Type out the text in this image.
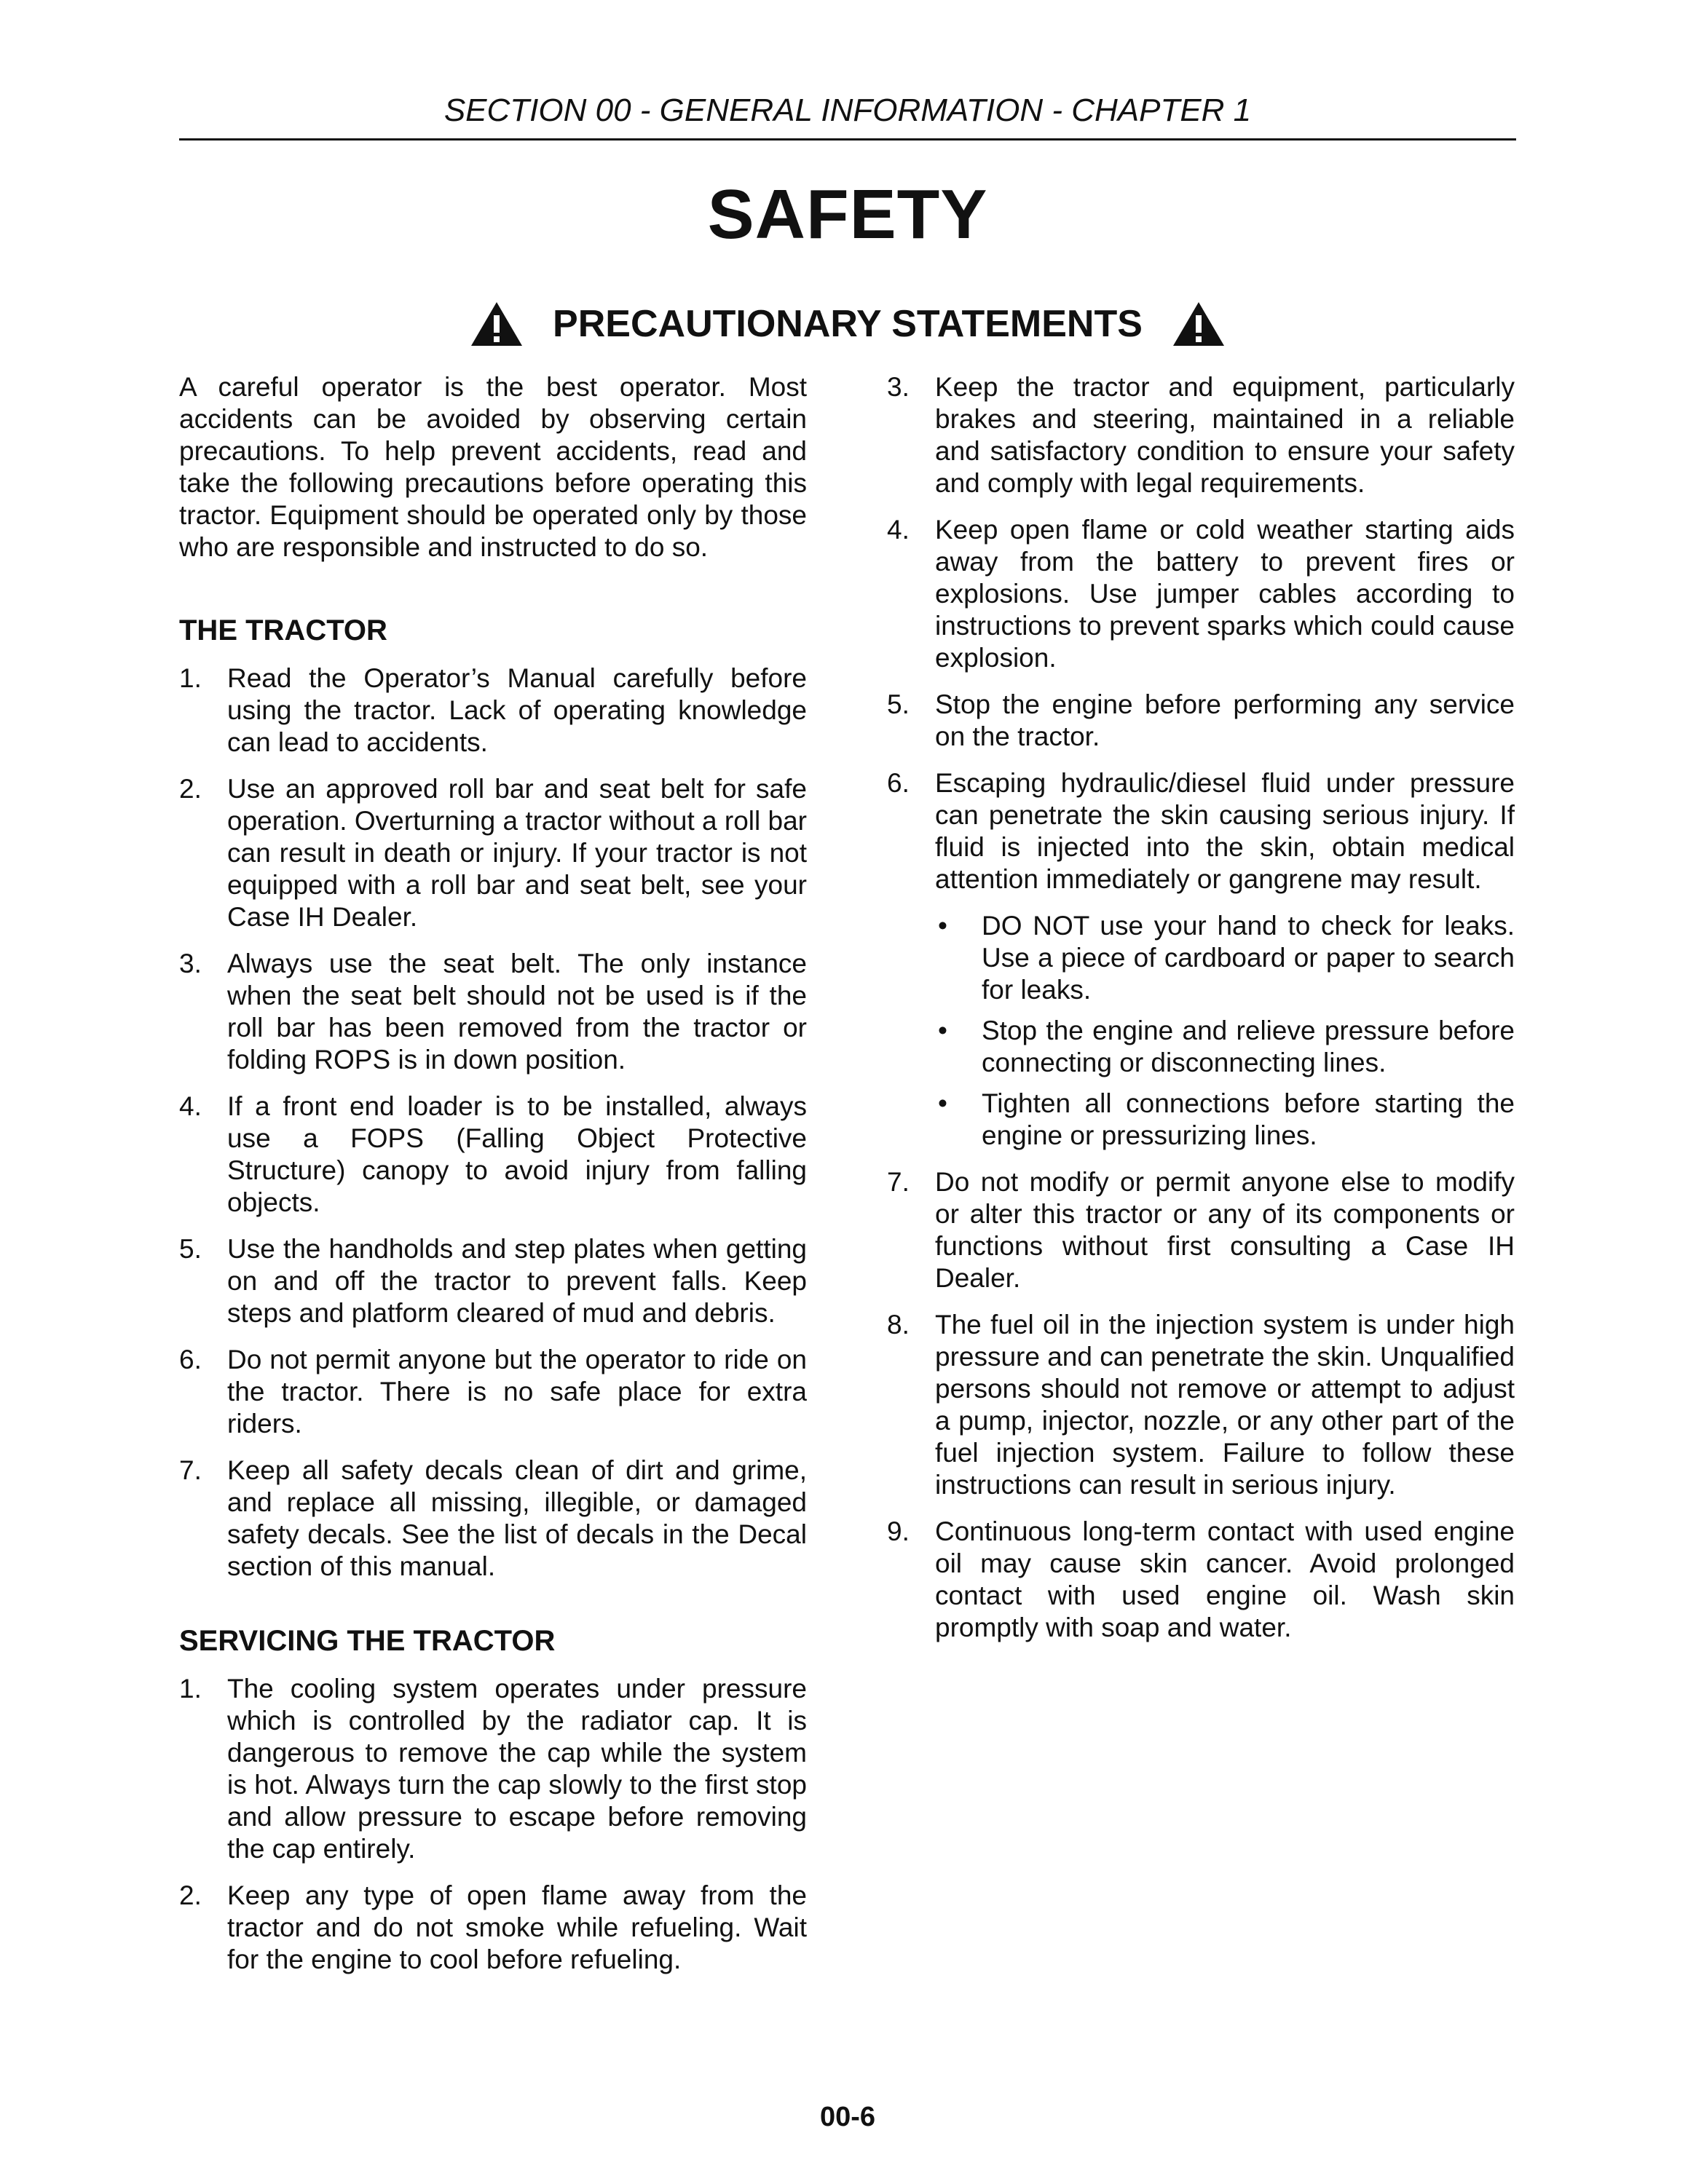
SECTION 00 - GENERAL INFORMATION - CHAPTER 1
SAFETY
PRECAUTIONARY STATEMENTS

A careful operator is the best operator. Most accidents can be avoided by observing certain precautions. To help prevent accidents, read and take the following precautions before operating this tractor. Equipment should be operated only by those who are responsible and instructed to do so.

THE TRACTOR
1. Read the Operator’s Manual carefully before using the tractor. Lack of operating knowledge can lead to accidents.
2. Use an approved roll bar and seat belt for safe operation. Overturning a tractor without a roll bar can result in death or injury. If your tractor is not equipped with a roll bar and seat belt, see your Case IH Dealer.
3. Always use the seat belt. The only instance when the seat belt should not be used is if the roll bar has been removed from the tractor or folding ROPS is in down position.
4. If a front end loader is to be installed, always use a FOPS (Falling Object Protective Structure) canopy to avoid injury from falling objects.
5. Use the handholds and step plates when getting on and off the tractor to prevent falls. Keep steps and platform cleared of mud and debris.
6. Do not permit anyone but the operator to ride on the tractor. There is no safe place for extra riders.
7. Keep all safety decals clean of dirt and grime, and replace all missing, illegible, or damaged safety decals. See the list of decals in the Decal section of this manual.
SERVICING THE TRACTOR
1. The cooling system operates under pressure which is controlled by the radiator cap. It is dangerous to remove the cap while the system is hot. Always turn the cap slowly to the first stop and allow pressure to escape before removing the cap entirely.
2. Keep any type of open flame away from the tractor and do not smoke while refueling. Wait for the engine to cool before refueling.
3. Keep the tractor and equipment, particularly brakes and steering, maintained in a reliable and satisfactory condition to ensure your safety and comply with legal requirements.
4. Keep open flame or cold weather starting aids away from the battery to prevent fires or explosions. Use jumper cables according to instructions to prevent sparks which could cause explosion.
5. Stop the engine before performing any service on the tractor.
6. Escaping hydraulic/diesel fluid under pressure can penetrate the skin causing serious injury. If fluid is injected into the skin, obtain medical attention immediately or gangrene may result.
• DO NOT use your hand to check for leaks. Use a piece of cardboard or paper to search for leaks.
• Stop the engine and relieve pressure before connecting or disconnecting lines.
• Tighten all connections before starting the engine or pressurizing lines.
7. Do not modify or permit anyone else to modify or alter this tractor or any of its components or functions without first consulting a Case IH Dealer.
8. The fuel oil in the injection system is under high pressure and can penetrate the skin. Unqualified persons should not remove or attempt to adjust a pump, injector, nozzle, or any other part of the fuel injection system. Failure to follow these instructions can result in serious injury.
9. Continuous long-term contact with used engine oil may cause skin cancer. Avoid prolonged contact with used engine oil. Wash skin promptly with soap and water.
00-6
